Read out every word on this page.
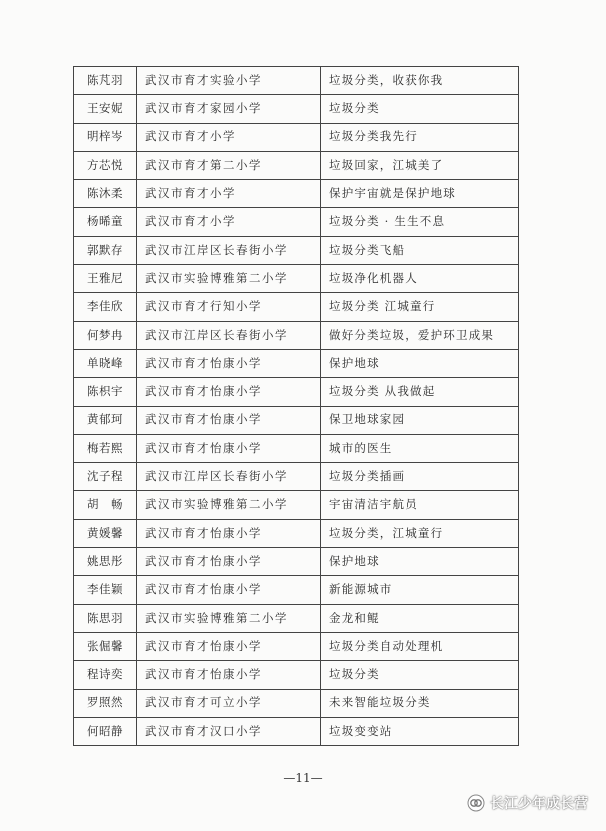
陈芃羽	武汉市育才实验小学	垃圾分类，收获你我
王安妮	武汉市育才家园小学	垃圾分类
明梓岑	武汉市育才小学	垃圾分类我先行
方芯悦	武汉市育才第二小学	垃圾回家，江城美了
陈沐柔	武汉市育才小学	保护宇宙就是保护地球
杨晞童	武汉市育才小学	垃圾分类 · 生生不息
郭默存	武汉市江岸区长春街小学	垃圾分类飞船
王雅尼	武汉市实验博雅第二小学	垃圾净化机器人
李佳欣	武汉市育才行知小学	垃圾分类 江城童行
何梦冉	武汉市江岸区长春街小学	做好分类垃圾，爱护环卫成果
单晓峰	武汉市育才怡康小学	保护地球
陈枳宇	武汉市育才怡康小学	垃圾分类 从我做起
黄郁珂	武汉市育才怡康小学	保卫地球家园
梅若熙	武汉市育才怡康小学	城市的医生
沈子程	武汉市江岸区长春街小学	垃圾分类插画
胡　畅	武汉市实验博雅第二小学	宇宙清洁宇航员
黄媛馨	武汉市育才怡康小学	垃圾分类，江城童行
姚思彤	武汉市育才怡康小学	保护地球
李佳颖	武汉市育才怡康小学	新能源城市
陈思羽	武汉市实验博雅第二小学	金龙和鲲
张倔馨	武汉市育才怡康小学	垃圾分类自动处理机
程诗奕	武汉市育才怡康小学	垃圾分类
罗照然	武汉市育才可立小学	未来智能垃圾分类
何昭静	武汉市育才汉口小学	垃圾变变站
—11—
长江少年成长营
